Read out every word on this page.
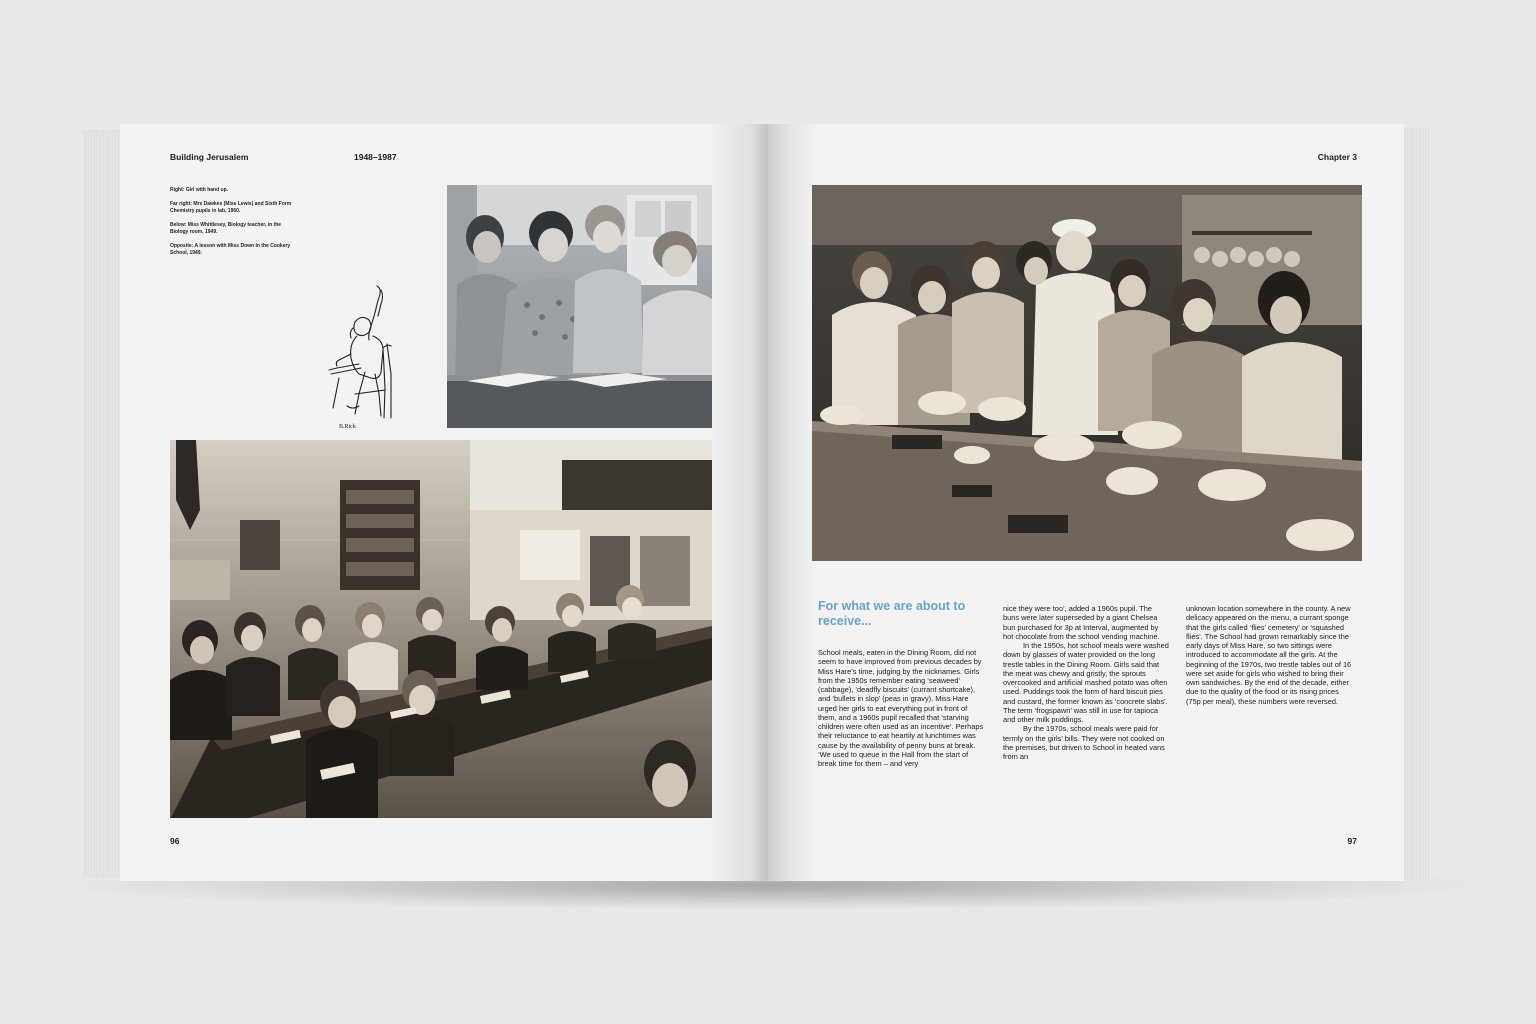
Building Jerusalem	1948–1987

Right: Girl with hand up.

Far right: Mrs Dawkes (Miss Lewis) and Sixth Form Chemistry pupils in lab, 1960.

Below: Miss Whittlesey, Biology teacher, in the Biology room, 1949.

Opposite: A lesson with Miss Down in the Cookery School, 1949.

B.Rick
96
Chapter 3
For what we are about to receive...

School meals, eaten in the Dining Room, did not seem to have improved from previous decades by Miss Hare’s time, judging by the nicknames. Girls from the 1950s remember eating ‘seaweed’ (cabbage), ‘deadfly biscuits’ (currant shortcake), and ‘bullets in slop’ (peas in gravy). Miss Hare urged her girls to eat everything put in front of them, and a 1960s pupil recalled that ‘starving children were often used as an incentive’. Perhaps their reluctance to eat heartily at lunchtimes was cause by the availability of penny buns at break. ‘We used to queue in the Hall from the start of break time for them – and very

nice they were too’, added a 1960s pupil. The buns were later superseded by a giant Chelsea bun purchased for 3p at Interval, augmented by hot chocolate from the school vending machine.

In the 1950s, hot school meals were washed down by glasses of water provided on the long trestle tables in the Dining Room. Girls said that the meat was chewy and gristly, the sprouts overcooked and artificial mashed potato was often used. Puddings took the form of hard biscuit pies and custard, the former known as ‘concrete slabs’. The term ‘frogspawn’ was still in use for tapioca and other milk puddings.

By the 1970s, school meals were paid for termly on the girls’ bills. They were not cooked on the premises, but driven to School in heated vans from an

unknown location somewhere in the county. A new delicacy appeared on the menu, a currant sponge that the girls called ‘flies’ cemetery’ or ‘squashed flies’. The School had grown remarkably since the early days of Miss Hare, so two sittings were introduced to accommodate all the girls. At the beginning of the 1970s, two trestle tables out of 16 were set aside for girls who wished to bring their own sandwiches. By the end of the decade, either due to the quality of the food or its rising prices (75p per meal), these numbers were reversed.

97
